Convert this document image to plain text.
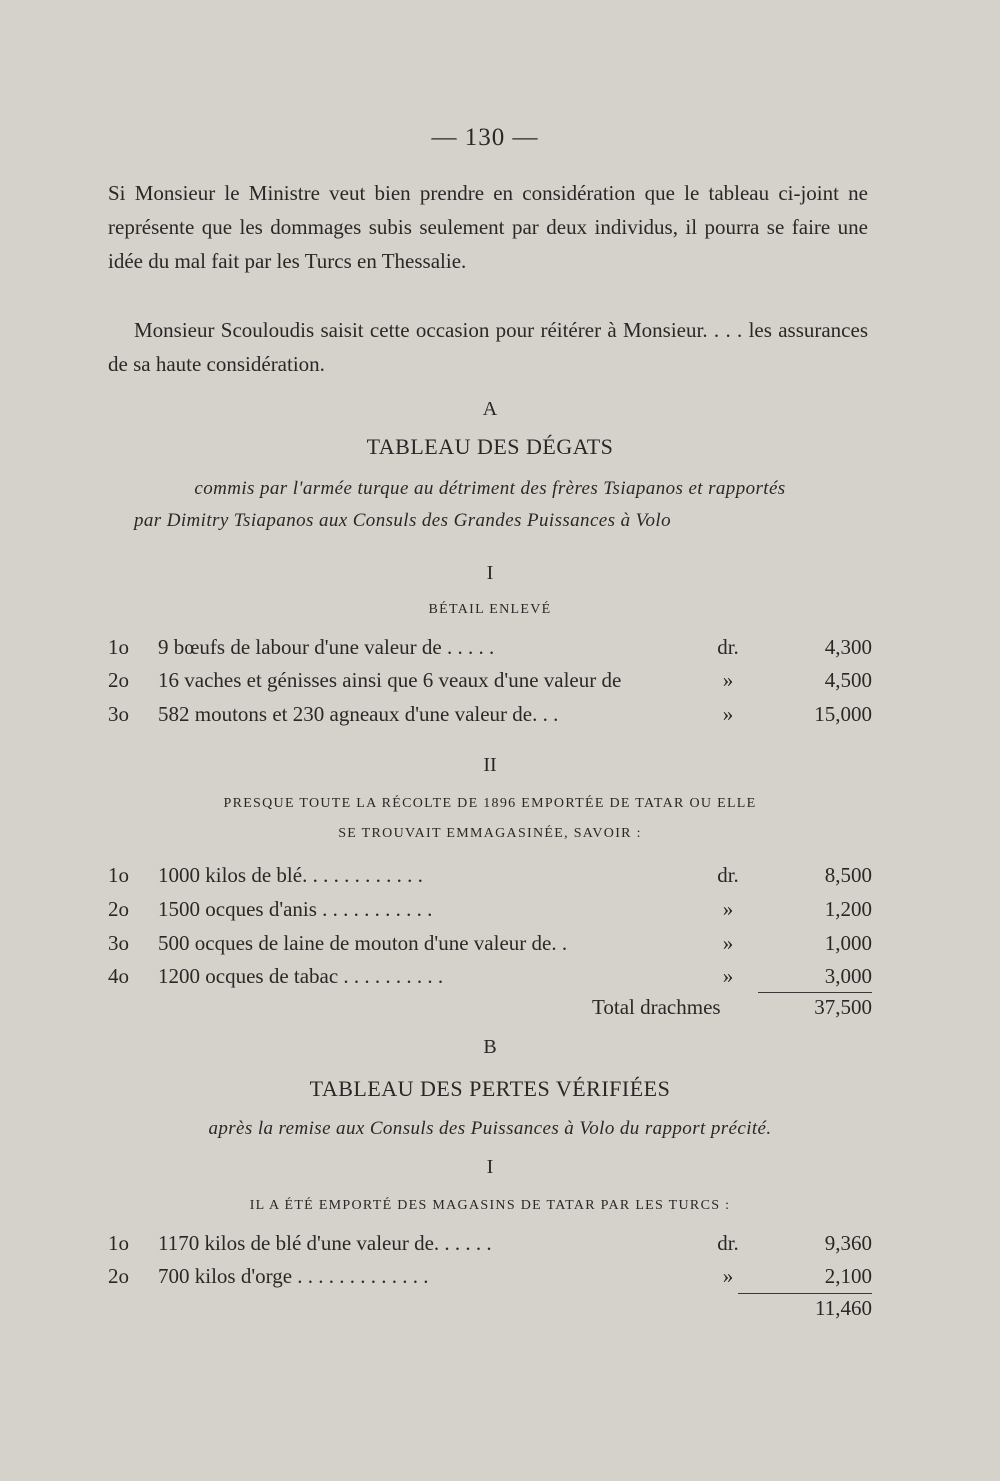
— 130 —

Si Monsieur le Ministre veut bien prendre en considération que le tableau ci-joint ne représente que les dommages subis seulement par deux individus, il pourra se faire une idée du mal fait par les Turcs en Thessalie.

Monsieur Scouloudis saisit cette occasion pour réitérer à Monsieur. . . . les assurances de sa haute considération.

A
TABLEAU DES DÉGATS
commis par l'armée turque au détriment des frères Tsiapanos et rapportés
par Dimitry Tsiapanos aux Consuls des Grandes Puissances à Volo
I
BÉTAIL ENLEVÉ
1o 9 bœufs de labour d'une valeur de . . . . .	dr.	4,300
2o 16 vaches et génisses ainsi que 6 veaux d'une valeur de	»	4,500
3o 582 moutons et 230 agneaux d'une valeur de. . .	»	15,000
II
PRESQUE TOUTE LA RÉCOLTE DE 1896 EMPORTÉE DE TATAR OU ELLE
SE TROUVAIT EMMAGASINÉE, SAVOIR :
1o 1000 kilos de blé. . . . . . . . . . . .	dr.	8,500
2o 1500 ocques d'anis . . . . . . . . . . .	»	1,200
3o 500 ocques de laine de mouton d'une valeur de. .	»	1,000
4o 1200 ocques de tabac . . . . . . . . . .	»	3,000
Total drachmes	37,500
B
TABLEAU DES PERTES VÉRIFIÉES
après la remise aux Consuls des Puissances à Volo du rapport précité.
I
IL A ÉTÉ EMPORTÉ DES MAGASINS DE TATAR PAR LES TURCS :
1o 1170 kilos de blé d'une valeur de. . . . . .	dr.	9,360
2o 700 kilos d'orge . . . . . . . . . . . . .	»	2,100
11,460
